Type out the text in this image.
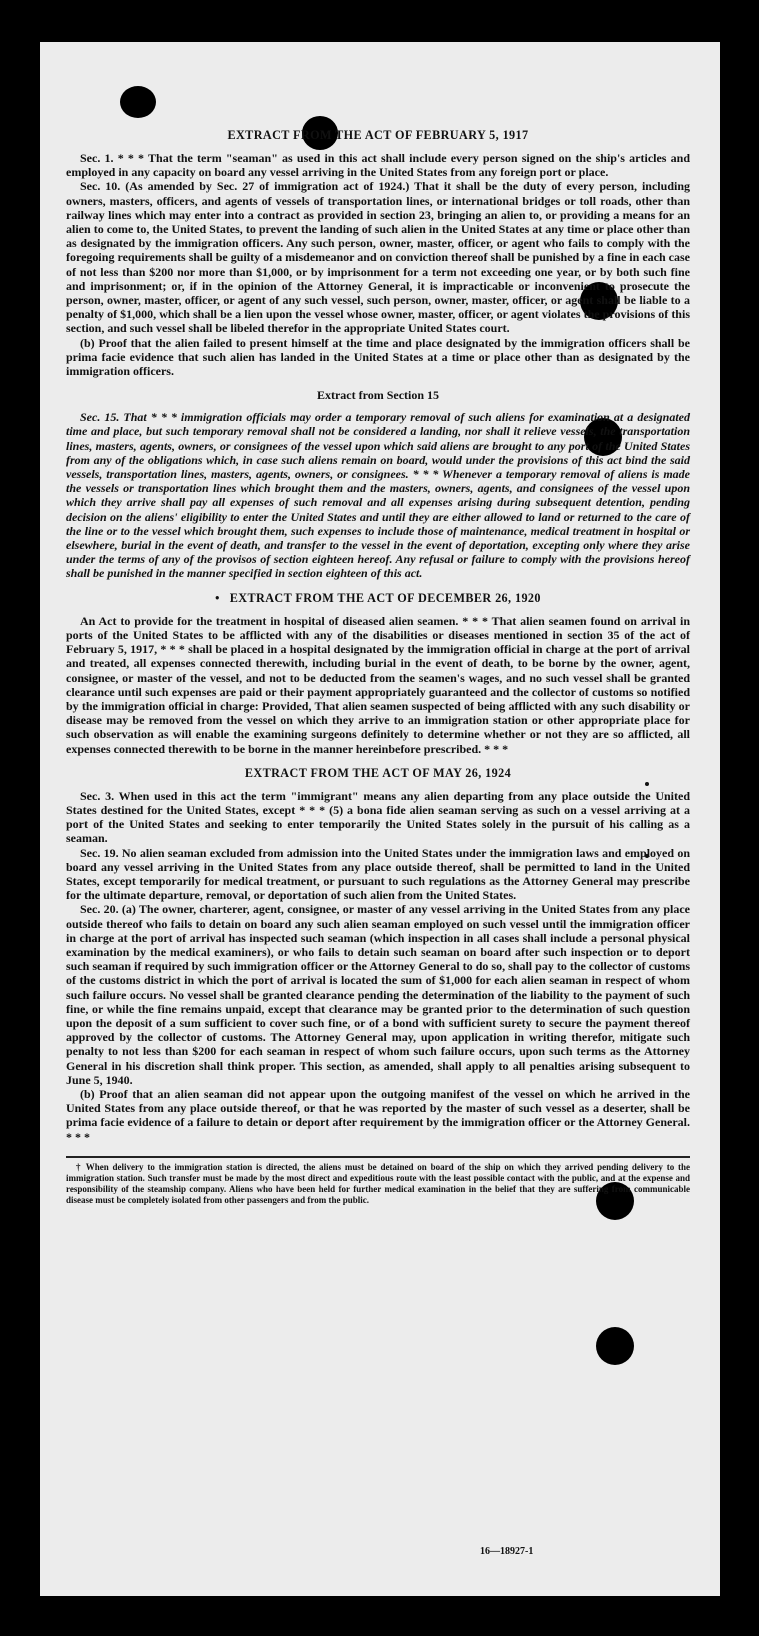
EXTRACT FROM THE ACT OF FEBRUARY 5, 1917

Sec. 1. * * * That the term "seaman" as used in this act shall include every person signed on the ship's articles and employed in any capacity on board any vessel arriving in the United States from any foreign port or place.

Sec. 10. (As amended by Sec. 27 of immigration act of 1924.) That it shall be the duty of every person, including owners, masters, officers, and agents of vessels of transportation lines, or international bridges or toll roads, other than railway lines which may enter into a contract as provided in section 23, bringing an alien to, or providing a means for an alien to come to, the United States, to prevent the landing of such alien in the United States at any time or place other than as designated by the immigration officers. Any such person, owner, master, officer, or agent who fails to comply with the foregoing requirements shall be guilty of a misdemeanor and on conviction thereof shall be punished by a fine in each case of not less than $200 nor more than $1,000, or by imprisonment for a term not exceeding one year, or by both such fine and imprisonment; or, if in the opinion of the Attorney General, it is impracticable or inconvenient to prosecute the person, owner, master, officer, or agent of any such vessel, such person, owner, master, officer, or agent shall be liable to a penalty of $1,000, which shall be a lien upon the vessel whose owner, master, officer, or agent violates the provisions of this section, and such vessel shall be libeled therefor in the appropriate United States court.

(b) Proof that the alien failed to present himself at the time and place designated by the immigration officers shall be prima facie evidence that such alien has landed in the United States at a time or place other than as designated by the immigration officers.

Extract from Section 15

Sec. 15. That * * * immigration officials may order a temporary removal of such aliens for examination at a designated time and place, but such temporary removal shall not be considered a landing, nor shall it relieve vessels, the transportation lines, masters, agents, owners, or consignees of the vessel upon which said aliens are brought to any port of the United States from any of the obligations which, in case such aliens remain on board, would under the provisions of this act bind the said vessels, transportation lines, masters, agents, owners, or consignees. * * * Whenever a temporary removal of aliens is made the vessels or transportation lines which brought them and the masters, owners, agents, and consignees of the vessel upon which they arrive shall pay all expenses of such removal and all expenses arising during subsequent detention, pending decision on the aliens' eligibility to enter the United States and until they are either allowed to land or returned to the care of the line or to the vessel which brought them, such expenses to include those of maintenance, medical treatment in hospital or elsewhere, burial in the event of death, and transfer to the vessel in the event of deportation, excepting only where they arise under the terms of any of the provisos of section eighteen hereof. Any refusal or failure to comply with the provisions hereof shall be punished in the manner specified in section eighteen of this act.

• EXTRACT FROM THE ACT OF DECEMBER 26, 1920

An Act to provide for the treatment in hospital of diseased alien seamen. * * * That alien seamen found on arrival in ports of the United States to be afflicted with any of the disabilities or diseases mentioned in section 35 of the act of February 5, 1917, * * * shall be placed in a hospital designated by the immigration official in charge at the port of arrival and treated, all expenses connected therewith, including burial in the event of death, to be borne by the owner, agent, consignee, or master of the vessel, and not to be deducted from the seamen's wages, and no such vessel shall be granted clearance until such expenses are paid or their payment appropriately guaranteed and the collector of customs so notified by the immigration official in charge: Provided, That alien seamen suspected of being afflicted with any such disability or disease may be removed from the vessel on which they arrive to an immigration station or other appropriate place for such observation as will enable the examining surgeons definitely to determine whether or not they are so afflicted, all expenses connected therewith to be borne in the manner hereinbefore prescribed. * * *

EXTRACT FROM THE ACT OF MAY 26, 1924

Sec. 3. When used in this act the term "immigrant" means any alien departing from any place outside the United States destined for the United States, except * * * (5) a bona fide alien seaman serving as such on a vessel arriving at a port of the United States and seeking to enter temporarily the United States solely in the pursuit of his calling as a seaman.

Sec. 19. No alien seaman excluded from admission into the United States under the immigration laws and employed on board any vessel arriving in the United States from any place outside thereof, shall be permitted to land in the United States, except temporarily for medical treatment, or pursuant to such regulations as the Attorney General may prescribe for the ultimate departure, removal, or deportation of such alien from the United States.

Sec. 20. (a) The owner, charterer, agent, consignee, or master of any vessel arriving in the United States from any place outside thereof who fails to detain on board any such alien seaman employed on such vessel until the immigration officer in charge at the port of arrival has inspected such seaman (which inspection in all cases shall include a personal physical examination by the medical examiners), or who fails to detain such seaman on board after such inspection or to deport such seaman if required by such immigration officer or the Attorney General to do so, shall pay to the collector of customs of the customs district in which the port of arrival is located the sum of $1,000 for each alien seaman in respect of whom such failure occurs. No vessel shall be granted clearance pending the determination of the liability to the payment of such fine, or while the fine remains unpaid, except that clearance may be granted prior to the determination of such question upon the deposit of a sum sufficient to cover such fine, or of a bond with sufficient surety to secure the payment thereof approved by the collector of customs. The Attorney General may, upon application in writing therefor, mitigate such penalty to not less than $200 for each seaman in respect of whom such failure occurs, upon such terms as the Attorney General in his discretion shall think proper. This section, as amended, shall apply to all penalties arising subsequent to June 5, 1940.

(b) Proof that an alien seaman did not appear upon the outgoing manifest of the vessel on which he arrived in the United States from any place outside thereof, or that he was reported by the master of such vessel as a deserter, shall be prima facie evidence of a failure to detain or deport after requirement by the immigration officer or the Attorney General. * * *

† When delivery to the immigration station is directed, the aliens must be detained on board of the ship on which they arrived pending delivery to the immigration station. Such transfer must be made by the most direct and expeditious route with the least possible contact with the public, and at the expense and responsibility of the steamship company. Aliens who have been held for further medical examination in the belief that they are suffering from communicable disease must be completely isolated from other passengers and from the public.
16—18927-1
